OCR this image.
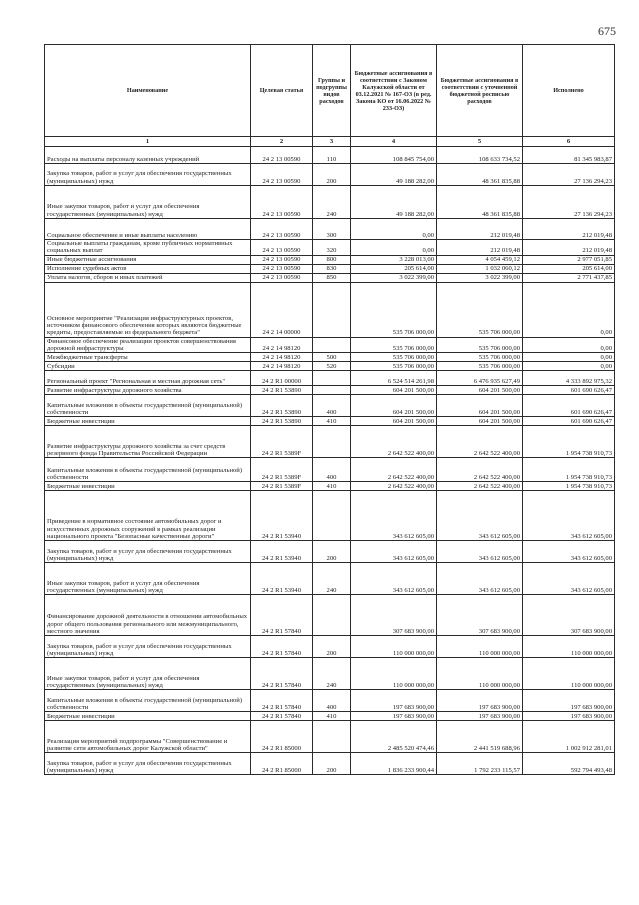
675
Наименование	Целевая статья	Группы и подгруппы видов расходов	Бюджетные ассигнования в соответствии с Законом Калужской области от 03.12.2021 № 167-ОЗ (в ред. Закона КО от 16.06.2022 № 233-ОЗ)	Бюджетные ассигнования в соответствии с уточненной бюджетной росписью расходов	Исполнено
1	2	3	4	5	6
Расходы на выплаты персоналу казенных учреждений	24 2 13 00590	110	108 845 754,00	108 633 734,52	81 345 983,87
Закупка товаров, работ и услуг для обеспечения государственных (муниципальных) нужд	24 2 13 00590	200	49 188 282,00	48 361 835,88	27 136 294,23
Иные закупки товаров, работ и услуг для обеспечения государственных (муниципальных) нужд	24 2 13 00590	240	49 188 282,00	48 361 835,88	27 136 294,23
Социальное обеспечение и иные выплаты населению	24 2 13 00590	300	0,00	212 019,48	212 019,48
Социальные выплаты гражданам, кроме публичных нормативных социальных выплат	24 2 13 00590	320	0,00	212 019,48	212 019,48
Иные бюджетные ассигнования	24 2 13 00590	800	3 228 013,00	4 054 459,12	2 977 051,85
Исполнение судебных актов	24 2 13 00590	830	205 614,00	1 032 060,12	205 614,00
Уплата налогов, сборов и иных платежей	24 2 13 00590	850	3 022 399,00	3 022 399,00	2 771 437,85
Основное мероприятие "Реализация инфраструктурных проектов, источником финансового обеспечения которых являются бюджетные кредиты, предоставляемые из федерального бюджета"	24 2 14 00000		535 706 000,00	535 706 000,00	0,00
Финансовое обеспечение реализации проектов совершенствования дорожной инфраструктуры	24 2 14 98120		535 706 000,00	535 706 000,00	0,00
Межбюджетные трансферты	24 2 14 98120	500	535 706 000,00	535 706 000,00	0,00
Субсидии	24 2 14 98120	520	535 706 000,00	535 706 000,00	0,00
Региональный проект "Региональная и местная дорожная сеть"	24 2 R1 00000		6 524 514 261,98	6 476 935 627,49	4 333 892 975,32
Развитие инфраструктуры дорожного хозяйства	24 2 R1 53890		604 201 500,00	604 201 500,00	601 690 626,47
Капитальные вложения в объекты государственной (муниципальной) собственности	24 2 R1 53890	400	604 201 500,00	604 201 500,00	601 690 626,47
Бюджетные инвестиции	24 2 R1 53890	410	604 201 500,00	604 201 500,00	601 690 626,47
Развитие инфраструктуры дорожного хозяйства за счет средств резервного фонда Правительства Российской Федерации	24 2 R1 5389F		2 642 522 400,00	2 642 522 400,00	1 954 738 910,73
Капитальные вложения в объекты государственной (муниципальной) собственности	24 2 R1 5389F	400	2 642 522 400,00	2 642 522 400,00	1 954 738 910,73
Бюджетные инвестиции	24 2 R1 5389F	410	2 642 522 400,00	2 642 522 400,00	1 954 738 910,73
Приведение в нормативное состояние автомобильных дорог и искусственных дорожных сооружений в рамках реализации национального проекта "Безопасные качественные дороги"	24 2 R1 53940		343 612 605,00	343 612 605,00	343 612 605,00
Закупка товаров, работ и услуг для обеспечения государственных (муниципальных) нужд	24 2 R1 53940	200	343 612 605,00	343 612 605,00	343 612 605,00
Иные закупки товаров, работ и услуг для обеспечения государственных (муниципальных) нужд	24 2 R1 53940	240	343 612 605,00	343 612 605,00	343 612 605,00
Финансирование дорожной деятельности в отношении автомобильных дорог общего пользования регионального или межмуниципального, местного значения	24 2 R1 57840		307 683 900,00	307 683 900,00	307 683 900,00
Закупка товаров, работ и услуг для обеспечения государственных (муниципальных) нужд	24 2 R1 57840	200	110 000 000,00	110 000 000,00	110 000 000,00
Иные закупки товаров, работ и услуг для обеспечения государственных (муниципальных) нужд	24 2 R1 57840	240	110 000 000,00	110 000 000,00	110 000 000,00
Капитальные вложения в объекты государственной (муниципальной) собственности	24 2 R1 57840	400	197 683 900,00	197 683 900,00	197 683 900,00
Бюджетные инвестиции	24 2 R1 57840	410	197 683 900,00	197 683 900,00	197 683 900,00
Реализация мероприятий подпрограммы "Совершенствование и развитие сети автомобильных дорог Калужской области"	24 2 R1 85000		2 485 520 474,46	2 441 519 688,96	1 002 912 281,01
Закупка товаров, работ и услуг для обеспечения государственных (муниципальных) нужд	24 2 R1 85000	200	1 836 233 900,44	1 792 233 115,57	592 794 493,48
